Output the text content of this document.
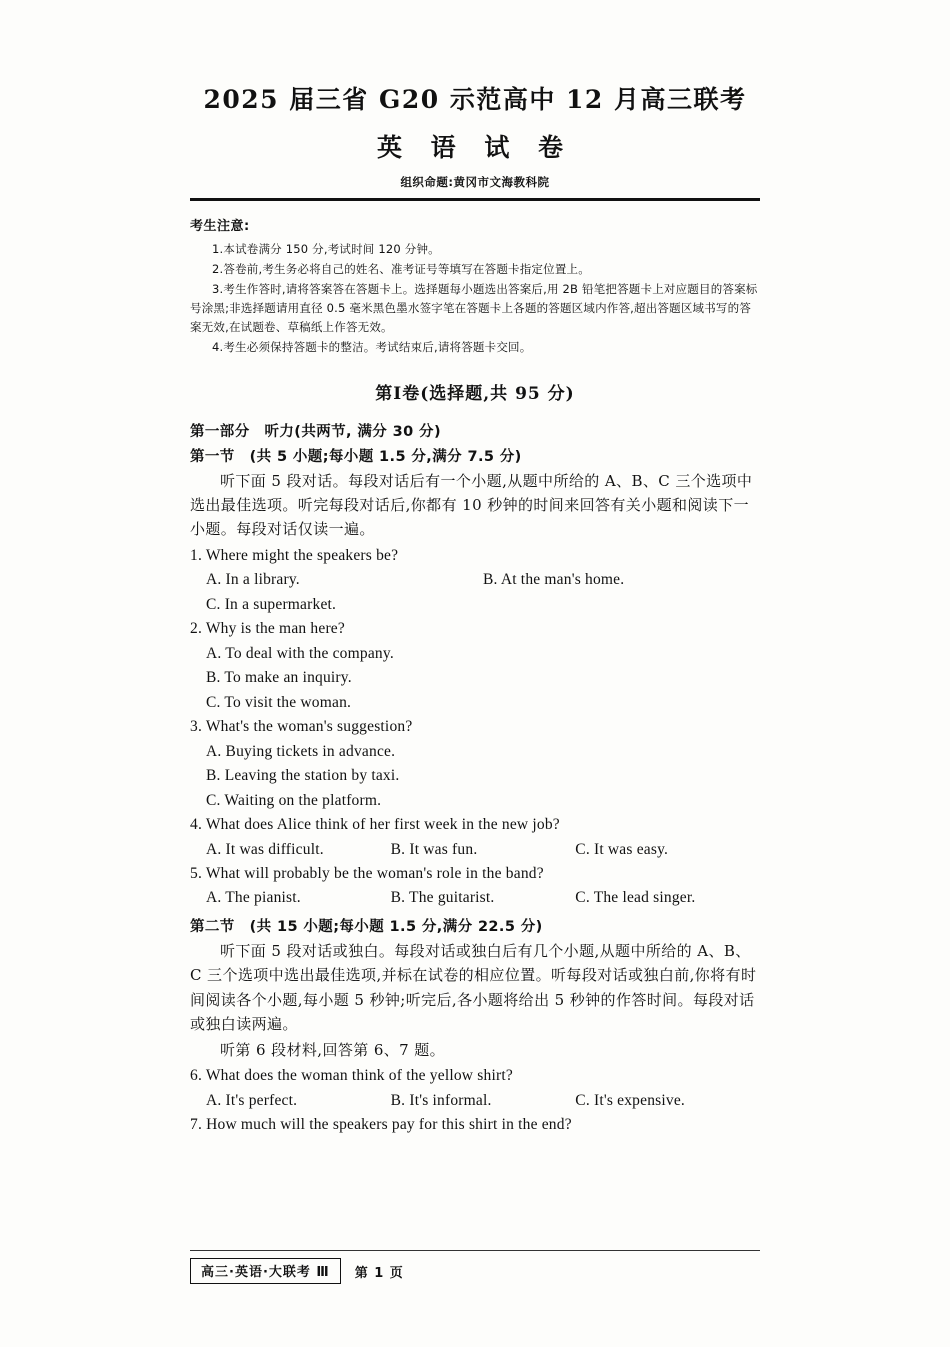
2025 届三省 G20 示范高中 12 月高三联考
英 语 试 卷
组织命题:黄冈市文海教科院
考生注意:
1.本试卷满分 150 分,考试时间 120 分钟。
2.答卷前,考生务必将自己的姓名、准考证号等填写在答题卡指定位置上。
3.考生作答时,请将答案答在答题卡上。选择题每小题选出答案后,用 2B 铅笔把答题卡上对应题目的答案标号涂黑;非选择题请用直径 0.5 毫米黑色墨水签字笔在答题卡上各题的答题区域内作答,超出答题区域书写的答案无效,在试题卷、草稿纸上作答无效。
4.考生必须保持答题卡的整洁。考试结束后,请将答题卡交回。
第Ⅰ卷(选择题,共 95 分)
第一部分　听力(共两节, 满分 30 分)
第一节　(共 5 小题;每小题 1.5 分,满分 7.5 分)

听下面 5 段对话。每段对话后有一个小题,从题中所给的 A、B、C 三个选项中选出最佳选项。听完每段对话后,你都有 10 秒钟的时间来回答有关小题和阅读下一小题。每段对话仅读一遍。

1. Where might the speakers be?

A. In a library.	B. At the man's home.
C. In a supermarket.

2. Why is the man here?

A. To deal with the company.
B. To make an inquiry.
C. To visit the woman.

3. What's the woman's suggestion?

A. Buying tickets in advance.
B. Leaving the station by taxi.
C. Waiting on the platform.

4. What does Alice think of her first week in the new job?

A. It was difficult.	B. It was fun.	C. It was easy.

5. What will probably be the woman's role in the band?

A. The pianist.	B. The guitarist.	C. The lead singer.
第二节　(共 15 小题;每小题 1.5 分,满分 22.5 分)

听下面 5 段对话或独白。每段对话或独白后有几个小题,从题中所给的 A、B、C 三个选项中选出最佳选项,并标在试卷的相应位置。听每段对话或独白前,你将有时间阅读各个小题,每小题 5 秒钟;听完后,各小题将给出 5 秒钟的作答时间。每段对话或独白读两遍。

听第 6 段材料,回答第 6、7 题。

6. What does the woman think of the yellow shirt?

A. It's perfect.	B. It's informal.	C. It's expensive.

7. How much will the speakers pay for this shirt in the end?

高三·英语·大联考 Ⅲ	第 1 页
